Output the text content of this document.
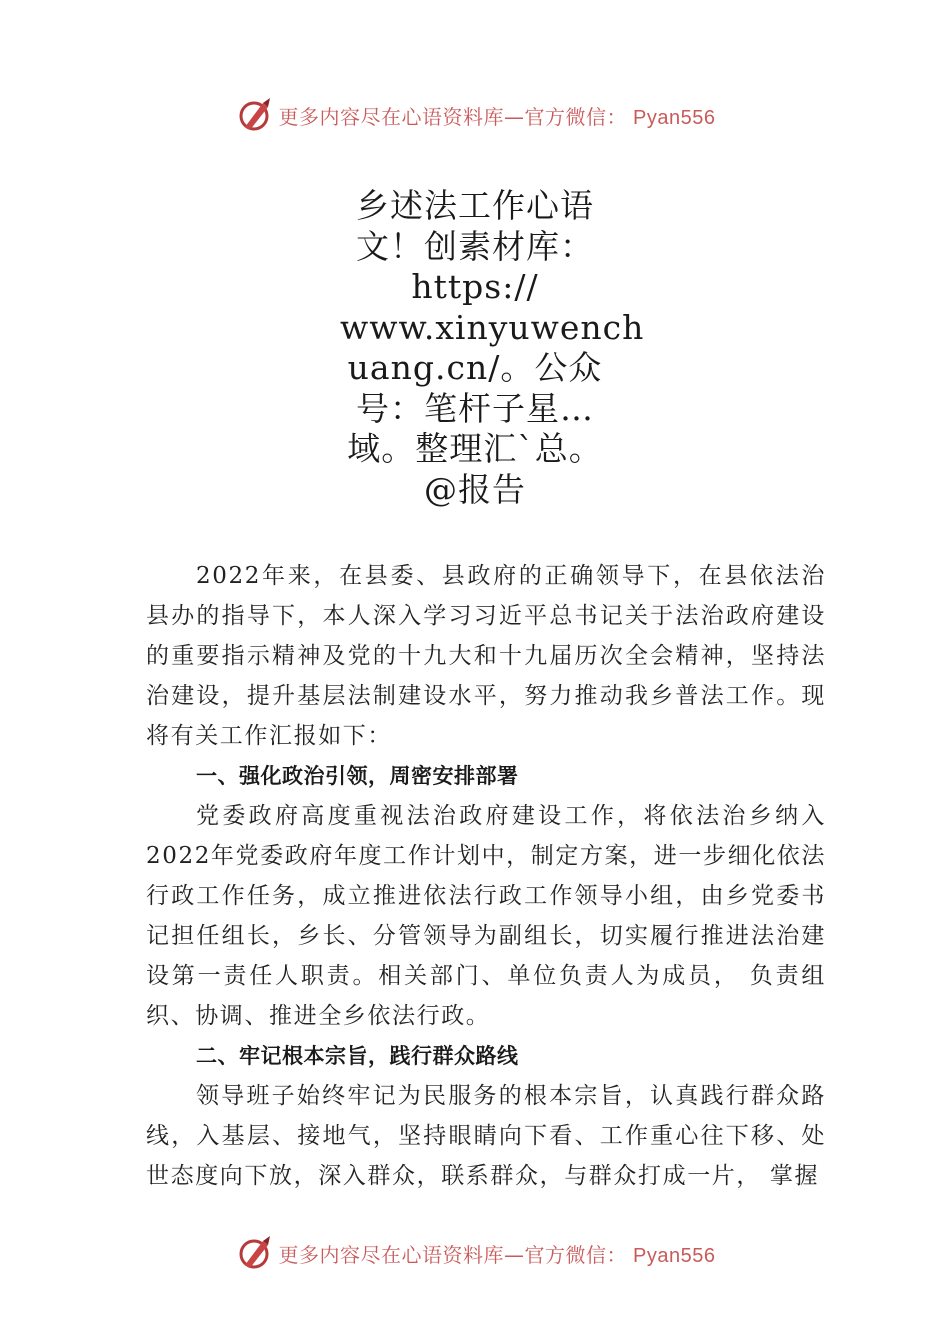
更多内容尽在心语资料库—官方微信： Pyan556
乡述法工作心语
文！创素材库：
https://
www.xinyuwench
uang.cn/。公众
号：笔杆子星…
域。整理汇`总。
@报告

2022年来，在县委、县政府的正确领导下，在县依法治县办的指导下，本人深入学习习近平总书记关于法治政府建设的重要指示精神及党的十九大和十九届历次全会精神，坚持法治建设，提升基层法制建设水平，努力推动我乡普法工作。现将有关工作汇报如下：

一、强化政治引领，周密安排部署

党委政府高度重视法治政府建设工作，将依法治乡纳入2022年党委政府年度工作计划中，制定方案，进一步细化依法行政工作任务，成立推进依法行政工作领导小组，由乡党委书记担任组长，乡长、分管领导为副组长，切实履行推进法治建设第一责任人职责。相关部门、单位负责人为成员， 负责组织、协调、推进全乡依法行政。

二、牢记根本宗旨，践行群众路线

领导班子始终牢记为民服务的根本宗旨，认真践行群众路线，入基层、接地气，坚持眼睛向下看、工作重心往下移、处世态度向下放，深入群众，联系群众，与群众打成一片， 掌握

更多内容尽在心语资料库—官方微信： Pyan556
